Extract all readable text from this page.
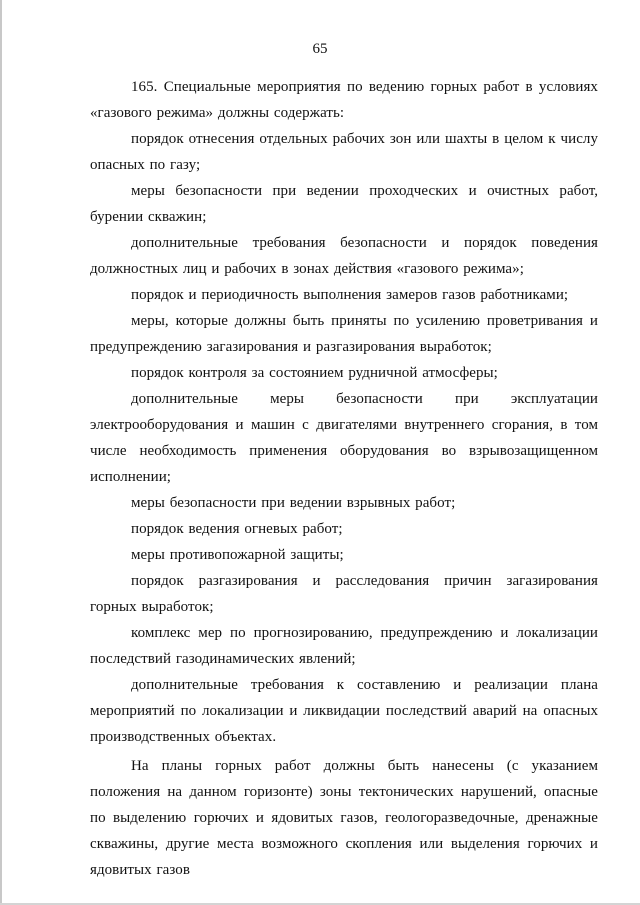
65

165. Специальные мероприятия по ведению горных работ в условиях «газового режима» должны содержать:

порядок отнесения отдельных рабочих зон или шахты в целом к числу опасных по газу;

меры безопасности при ведении проходческих и очистных работ, бурении скважин;

дополнительные требования безопасности и порядок поведения должностных лиц и рабочих в зонах действия «газового режима»;

порядок и периодичность выполнения замеров газов работниками;

меры, которые должны быть приняты по усилению проветривания и предупреждению загазирования и разгазирования выработок;

порядок контроля за состоянием рудничной атмосферы;

дополнительные меры безопасности при эксплуатации электрооборудования и машин с двигателями внутреннего сгорания, в том числе необходимость применения оборудования во взрывозащищенном исполнении;

меры безопасности при ведении взрывных работ;

порядок ведения огневых работ;

меры противопожарной защиты;

порядок разгазирования и расследования причин загазирования горных выработок;

комплекс мер по прогнозированию, предупреждению и локализации последствий газодинамических явлений;

дополнительные требования к составлению и реализации плана мероприятий по локализации и ликвидации последствий аварий на опасных производственных объектах.

На планы горных работ должны быть нанесены (с указанием положения на данном горизонте) зоны тектонических нарушений, опасные по выделению горючих и ядовитых газов, геологоразведочные, дренажные скважины, другие места возможного скопления или выделения горючих и ядовитых газов
